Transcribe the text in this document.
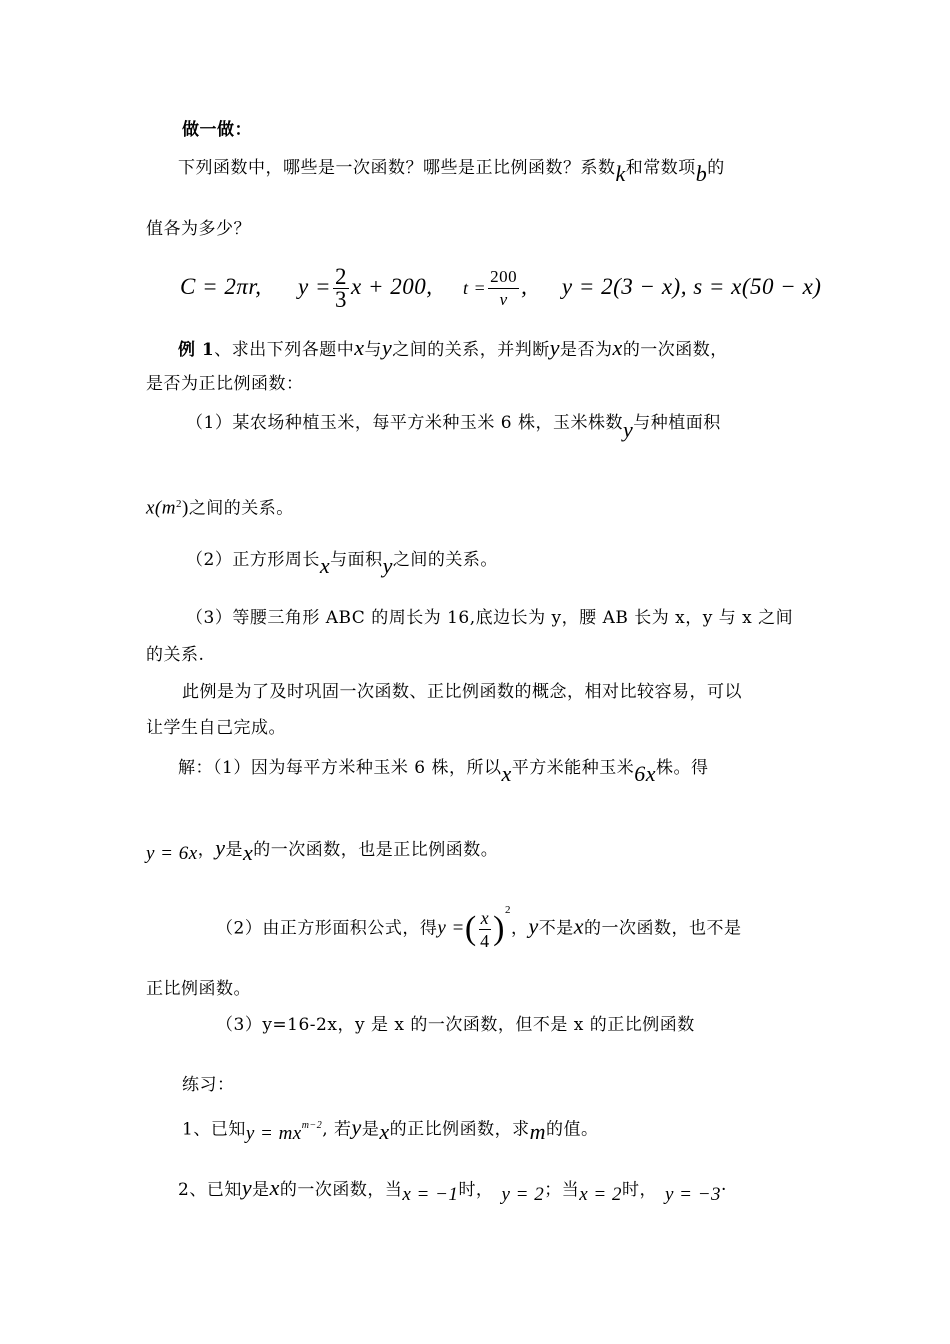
做一做：
下列函数中，哪些是一次函数？哪些是正比例函数？系数k和常数项b的
值各为多少？
C = 2πr, $y = \frac{2}{3}$ x + 200, $t = \frac{200}{v}$ , y = 2(3 − x), s = x(50 − x)
例 1、求出下列各题中x与y之间的关系，并判断y是否为x的一次函数，
是否为正比例函数：
（1）某农场种植玉米，每平方米种玉米 6 株，玉米株数y与种植面积
$x(m^2)$之间的关系。
（2）正方形周长x与面积y之间的关系。
（3）等腰三角形 ABC 的周长为 16,底边长为 y，腰 AB 长为 x，y 与 x 之间
的关系.
此例是为了及时巩固一次函数、正比例函数的概念，相对比较容易，可以
让学生自己完成。
解：（1）因为每平方米种玉米 6 株，所以x平方米能种玉米6x株。得
y = 6x，y是x的一次函数，也是正比例函数。
（2）由正方形面积公式，得y =( $\frac{x}{4} )^2$，y不是x的一次函数，也不是
正比例函数。
（3）y=16-2x，y 是 x 的一次函数，但不是 x 的正比例函数
练习：
1、已知$y = mx^{m-2}$, 若y是x的正比例函数，求m的值。
2、已知y是x的一次函数，当x = −1时， y = 2；当x = 2时， y = −3·
